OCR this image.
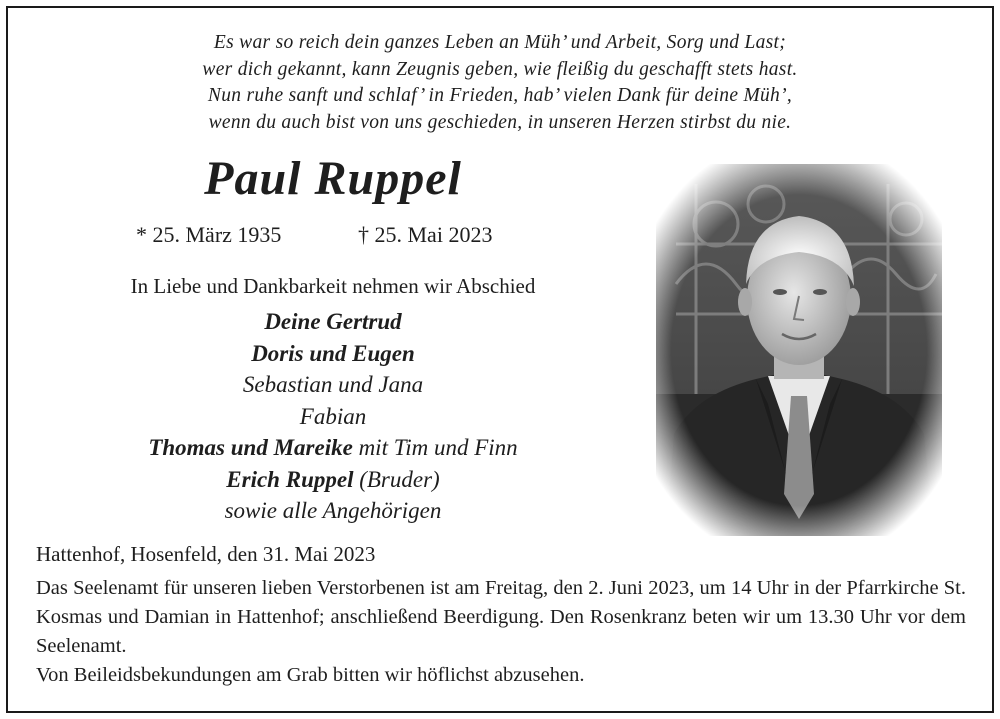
Es war so reich dein ganzes Leben an Müh’ und Arbeit, Sorg und Last;
wer dich gekannt, kann Zeugnis geben, wie fleißig du geschafft stets hast.
Nun ruhe sanft und schlaf’ in Frieden, hab’ vielen Dank für deine Müh’,
wenn du auch bist von uns geschieden, in unseren Herzen stirbst du nie.
Paul Ruppel
* 25. März 1935	† 25. Mai 2023
In Liebe und Dankbarkeit nehmen wir Abschied
Deine Gertrud
Doris und Eugen
Sebastian und Jana
Fabian
Thomas und Mareike mit Tim und Finn
Erich Ruppel (Bruder)
sowie alle Angehörigen
Hattenhof, Hosenfeld, den 31. Mai 2023
Das Seelenamt für unseren lieben Verstorbenen ist am Freitag, den 2. Juni 2023, um 14 Uhr in der Pfarrkirche St. Kosmas und Damian in Hattenhof; anschließend Beerdigung. Den Rosenkranz beten wir um 13.30 Uhr vor dem Seelenamt.
Von Beileidsbekundungen am Grab bitten wir höflichst abzusehen.
